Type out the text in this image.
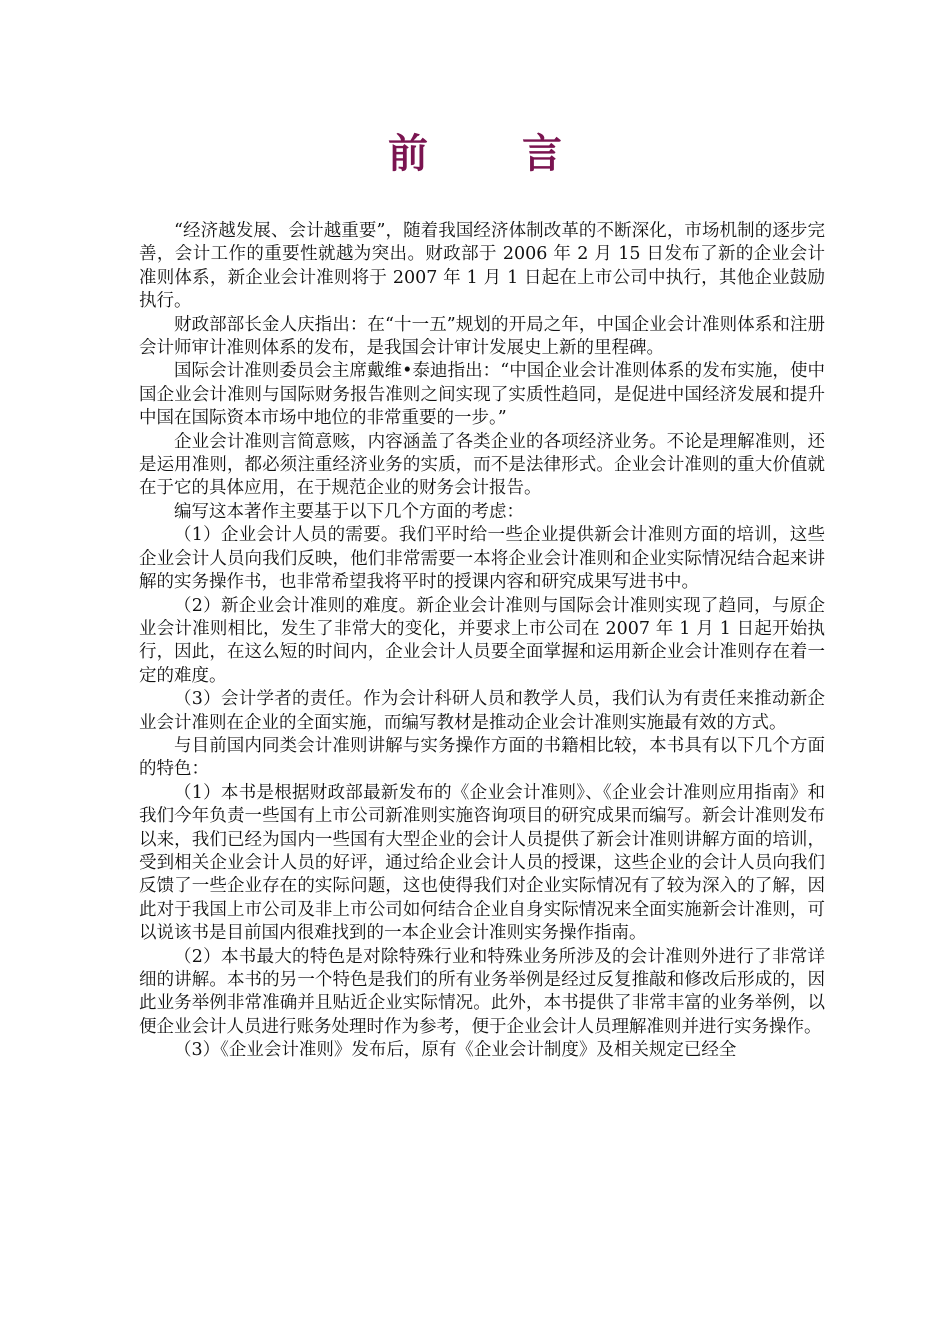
前 言

“经济越发展、会计越重要”，随着我国经济体制改革的不断深化，市场机制的逐步完善，会计工作的重要性就越为突出。财政部于 2006 年 2 月 15 日发布了新的企业会计准则体系，新企业会计准则将于 2007 年 1 月 1 日起在上市公司中执行，其他企业鼓励执行。

财政部部长金人庆指出：在“十一五”规划的开局之年，中国企业会计准则体系和注册会计师审计准则体系的发布，是我国会计审计发展史上新的里程碑。

国际会计准则委员会主席戴维•泰迪指出：“中国企业会计准则体系的发布实施，使中国企业会计准则与国际财务报告准则之间实现了实质性趋同，是促进中国经济发展和提升中国在国际资本市场中地位的非常重要的一步。”

企业会计准则言简意赅，内容涵盖了各类企业的各项经济业务。不论是理解准则，还是运用准则，都必须注重经济业务的实质，而不是法律形式。企业会计准则的重大价值就在于它的具体应用，在于规范企业的财务会计报告。

编写这本著作主要基于以下几个方面的考虑：

（1）企业会计人员的需要。我们平时给一些企业提供新会计准则方面的培训，这些企业会计人员向我们反映，他们非常需要一本将企业会计准则和企业实际情况结合起来讲解的实务操作书，也非常希望我将平时的授课内容和研究成果写进书中。

（2）新企业会计准则的难度。新企业会计准则与国际会计准则实现了趋同，与原企业会计准则相比，发生了非常大的变化，并要求上市公司在 2007 年 1 月 1 日起开始执行，因此，在这么短的时间内，企业会计人员要全面掌握和运用新企业会计准则存在着一定的难度。

（3）会计学者的责任。作为会计科研人员和教学人员，我们认为有责任来推动新企业会计准则在企业的全面实施，而编写教材是推动企业会计准则实施最有效的方式。

与目前国内同类会计准则讲解与实务操作方面的书籍相比较，本书具有以下几个方面的特色：

（1）本书是根据财政部最新发布的《企业会计准则》、《企业会计准则应用指南》和我们今年负责一些国有上市公司新准则实施咨询项目的研究成果而编写。新会计准则发布以来，我们已经为国内一些国有大型企业的会计人员提供了新会计准则讲解方面的培训，受到相关企业会计人员的好评，通过给企业会计人员的授课，这些企业的会计人员向我们反馈了一些企业存在的实际问题，这也使得我们对企业实际情况有了较为深入的了解，因此对于我国上市公司及非上市公司如何结合企业自身实际情况来全面实施新会计准则，可以说该书是目前国内很难找到的一本企业会计准则实务操作指南。

（2）本书最大的特色是对除特殊行业和特殊业务所涉及的会计准则外进行了非常详细的讲解。本书的另一个特色是我们的所有业务举例是经过反复推敲和修改后形成的，因此业务举例非常准确并且贴近企业实际情况。此外，本书提供了非常丰富的业务举例，以便企业会计人员进行账务处理时作为参考，便于企业会计人员理解准则并进行实务操作。

（3）《企业会计准则》发布后，原有《企业会计制度》及相关规定已经全
